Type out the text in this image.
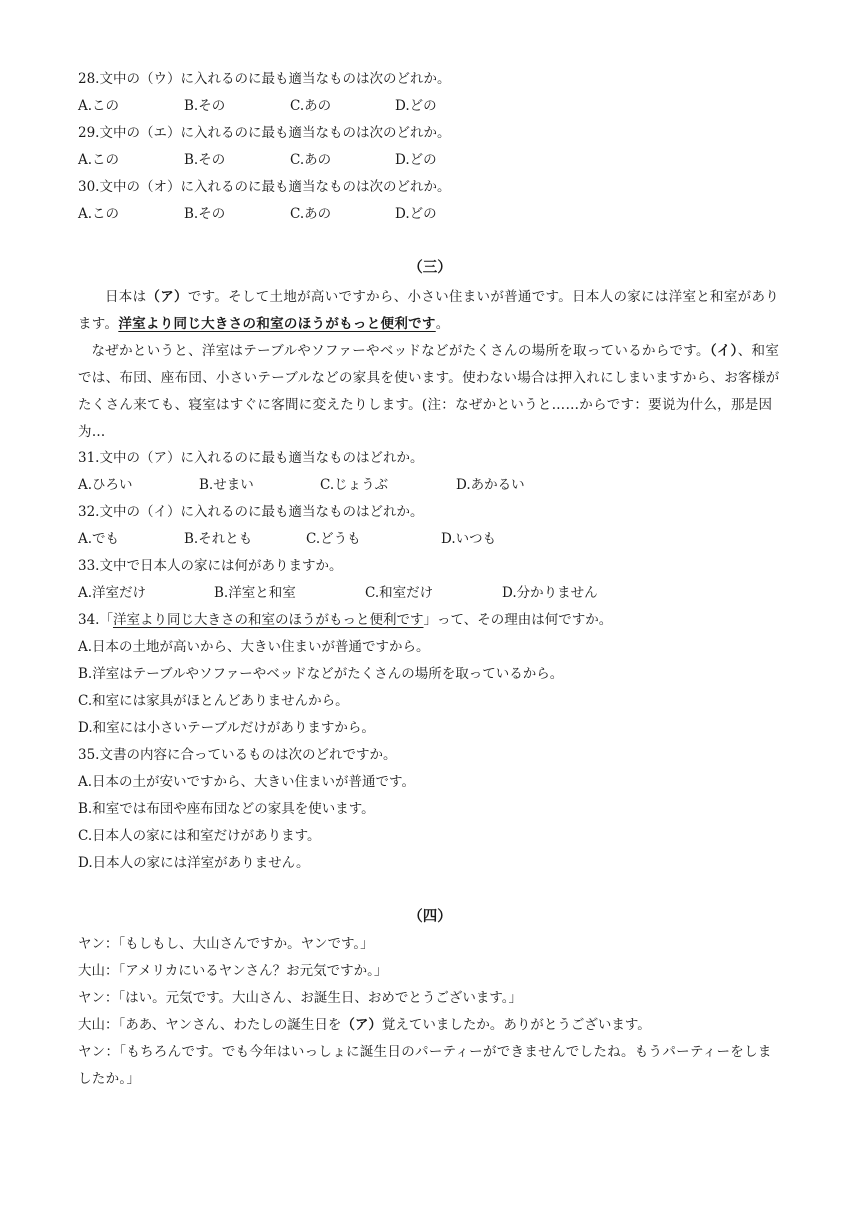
28.文中の（ウ）に入れるのに最も適当なものは次のどれか。
A.この	B.その	C.あの	D.どの
29.文中の（エ）に入れるのに最も適当なものは次のどれか。
A.この	B.その	C.あの	D.どの
30.文中の（オ）に入れるのに最も適当なものは次のどれか。
A.この	B.その	C.あの	D.どの
（三）
日本は（ア）です。そして土地が高いですから、小さい住まいが普通です。日本人の家には洋室と和室があります。洋室より同じ大きさの和室のほうがもっと便利です。
なぜかというと、洋室はテーブルやソファーやベッドなどがたくさんの場所を取っているからです。（イ）、和室では、布団、座布団、小さいテーブルなどの家具を使います。使わない場合は押入れにしまいますから、お客様がたくさん来ても、寝室はすぐに客間に変えたりします。(注：なぜかというと……からです：要说为什么，那是因为…
31.文中の（ア）に入れるのに最も適当なものはどれか。
A.ひろい	B.せまい	C.じょうぶ	D.あかるい
32.文中の（イ）に入れるのに最も適当なものはどれか。
A.でも	B.それとも	C.どうも	D.いつも
33.文中で日本人の家には何がありますか。
A.洋室だけ	B.洋室と和室	C.和室だけ	D.分かりません
34.「洋室より同じ大きさの和室のほうがもっと便利です」って、その理由は何ですか。
A.日本の土地が高いから、大きい住まいが普通ですから。
B.洋室はテーブルやソファーやベッドなどがたくさんの場所を取っているから。
C.和室には家具がほとんどありませんから。
D.和室には小さいテーブルだけがありますから。
35.文書の内容に合っているものは次のどれですか。
A.日本の土が安いですから、大きい住まいが普通です。
B.和室では布団や座布団などの家具を使います。
C.日本人の家には和室だけがあります。
D.日本人の家には洋室がありません。
（四）
ヤン：「もしもし、大山さんですか。ヤンです。」
大山：「アメリカにいるヤンさん？お元気ですか。」
ヤン：「はい。元気です。大山さん、お誕生日、おめでとうございます。」
大山：「ああ、ヤンさん、わたしの誕生日を（ア）覚えていましたか。ありがとうございます。
ヤン：「もちろんです。でも今年はいっしょに誕生日のパーティーができませんでしたね。もうパーティーをしましたか。」
